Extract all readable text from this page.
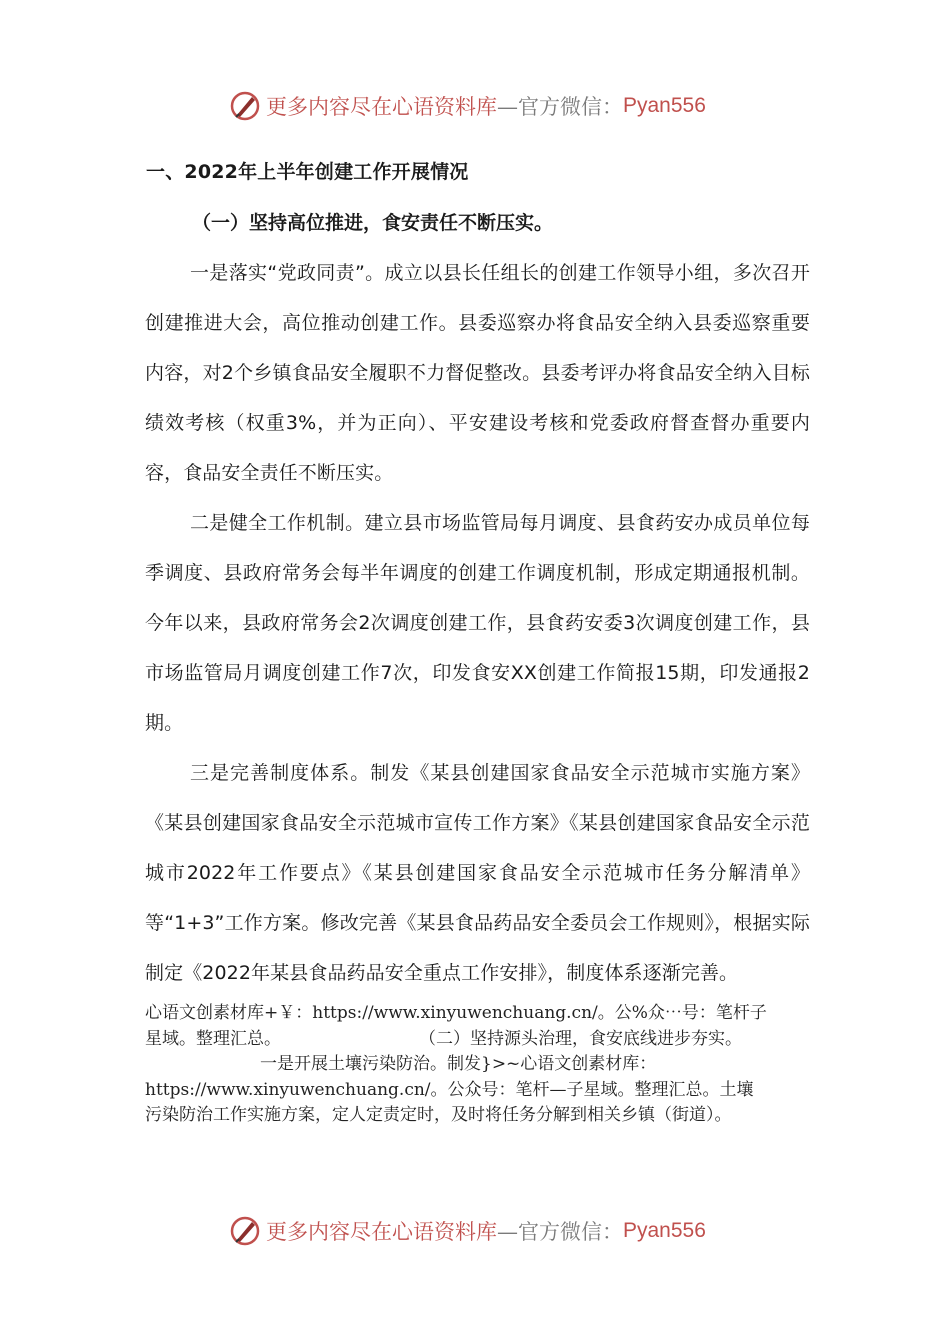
更多内容尽在心语资料库 —官方微信： Pyan556
一、2022年上半年创建工作开展情况
（一）坚持高位推进，食安责任不断压实。

一是落实“党政同责”。成立以县长任组长的创建工作领导小组，多次召开创建推进大会，高位推动创建工作。县委巡察办将食品安全纳入县委巡察重要内容，对2个乡镇食品安全履职不力督促整改。县委考评办将食品安全纳入目标绩效考核（权重3%，并为正向）、平安建设考核和党委政府督查督办重要内容，食品安全责任不断压实。

二是健全工作机制。建立县市场监管局每月调度、县食药安办成员单位每季调度、县政府常务会每半年调度的创建工作调度机制，形成定期通报机制。今年以来，县政府常务会2次调度创建工作，县食药安委3次调度创建工作，县市场监管局月调度创建工作7次，印发食安XX创建工作简报15期，印发通报2期。

三是完善制度体系。制发《某县创建国家食品安全示范城市实施方案》《某县创建国家食品安全示范城市宣传工作方案》《某县创建国家食品安全示范城市2022年工作要点》《某县创建国家食品安全示范城市任务分解清单》等“1+3”工作方案。修改完善《某县食品药品安全委员会工作规则》，根据实际制定《2022年某县食品药品安全重点工作安排》，制度体系逐渐完善。

心语文创素材库+￥：https://www.xinyuwenchuang.cn/。公%众⋯号：笔杆子
星域。整理汇总。	（二）坚持源头治理，食安底线进步夯实。
一是开展土壤污染防治。制发}>~心语文创素材库：
https://www.xinyuwenchuang.cn/。公众号：笔杆—子星域。整理汇总。土壤
污染防治工作实施方案，定人定责定时，及时将任务分解到相关乡镇（街道）。
更多内容尽在心语资料库 —官方微信： Pyan556
